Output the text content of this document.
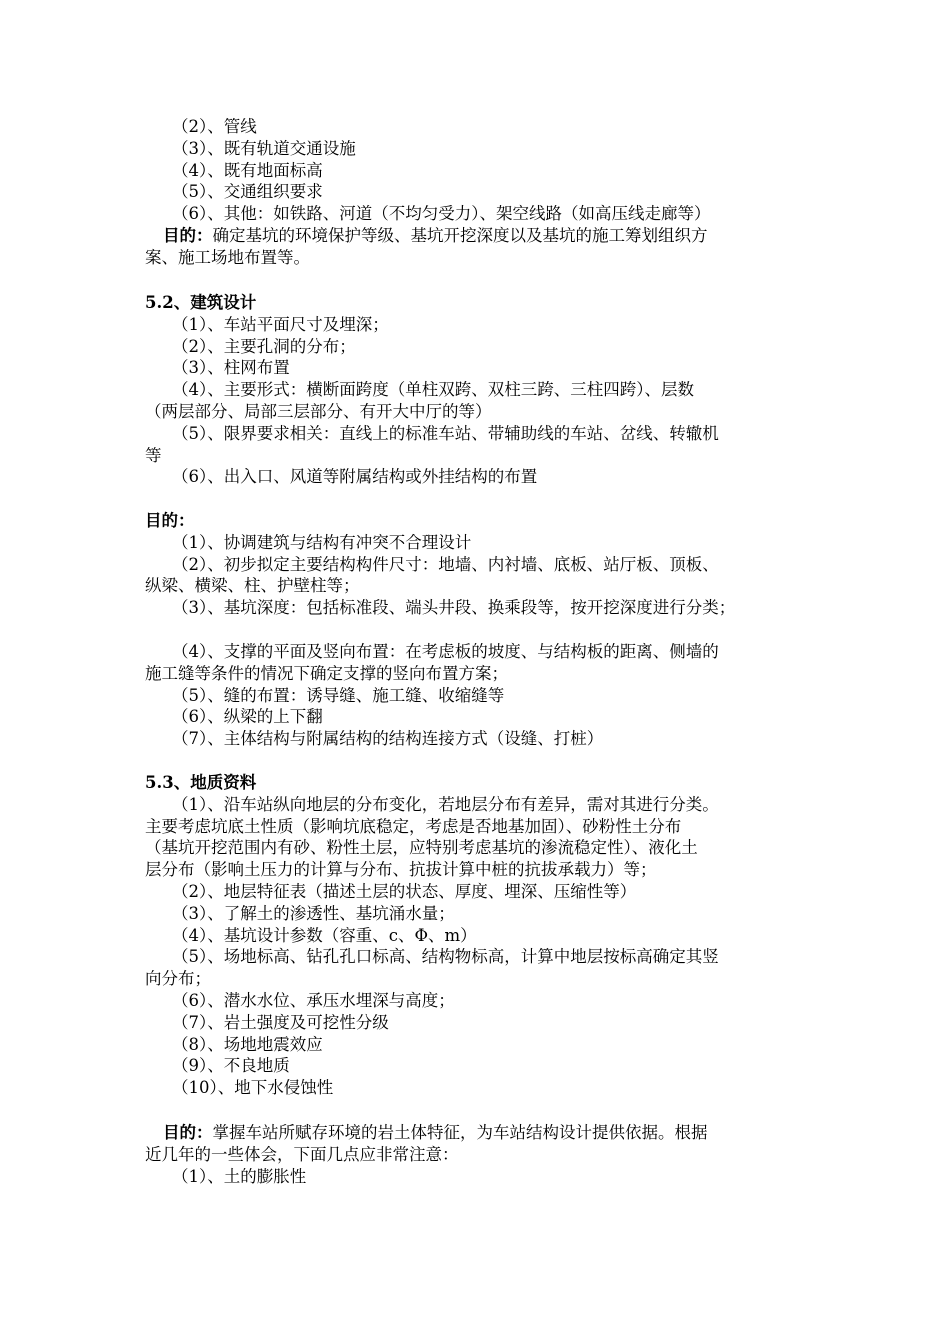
（2）、管线
（3）、既有轨道交通设施
（4）、既有地面标高
（5）、交通组织要求
（6）、其他：如铁路、河道（不均匀受力）、架空线路（如高压线走廊等）
目的：确定基坑的环境保护等级、基坑开挖深度以及基坑的施工筹划组织方
案、施工场地布置等。
5.2、建筑设计
（1）、车站平面尺寸及埋深；
（2）、主要孔洞的分布；
（3）、柱网布置
（4）、主要形式：横断面跨度（单柱双跨、双柱三跨、三柱四跨）、层数
（两层部分、局部三层部分、有开大中厅的等）
（5）、限界要求相关：直线上的标准车站、带辅助线的车站、岔线、转辙机
等
（6）、出入口、风道等附属结构或外挂结构的布置
目的：
（1）、协调建筑与结构有冲突不合理设计
（2）、初步拟定主要结构构件尺寸：地墙、内衬墙、底板、站厅板、顶板、
纵梁、横梁、柱、护壁柱等；
（3）、基坑深度：包括标准段、端头井段、换乘段等，按开挖深度进行分类；
（4）、支撑的平面及竖向布置：在考虑板的坡度、与结构板的距离、侧墙的
施工缝等条件的情况下确定支撑的竖向布置方案；
（5）、缝的布置：诱导缝、施工缝、收缩缝等
（6）、纵梁的上下翻
（7）、主体结构与附属结构的结构连接方式（设缝、打桩）
5.3、地质资料
（1）、沿车站纵向地层的分布变化，若地层分布有差异，需对其进行分类。
主要考虑坑底土性质（影响坑底稳定，考虑是否地基加固）、砂粉性土分布
（基坑开挖范围内有砂、粉性土层，应特别考虑基坑的渗流稳定性）、液化土
层分布（影响土压力的计算与分布、抗拔计算中桩的抗拔承载力）等；
（2）、地层特征表（描述土层的状态、厚度、埋深、压缩性等）
（3）、了解土的渗透性、基坑涌水量；
（4）、基坑设计参数（容重、c、Φ、m）
（5）、场地标高、钻孔孔口标高、结构物标高，计算中地层按标高确定其竖
向分布；
（6）、潜水水位、承压水埋深与高度；
（7）、岩土强度及可挖性分级
（8）、场地地震效应
（9）、不良地质
（10）、地下水侵蚀性
目的：掌握车站所赋存环境的岩土体特征，为车站结构设计提供依据。根据
近几年的一些体会，下面几点应非常注意：
（1）、土的膨胀性
